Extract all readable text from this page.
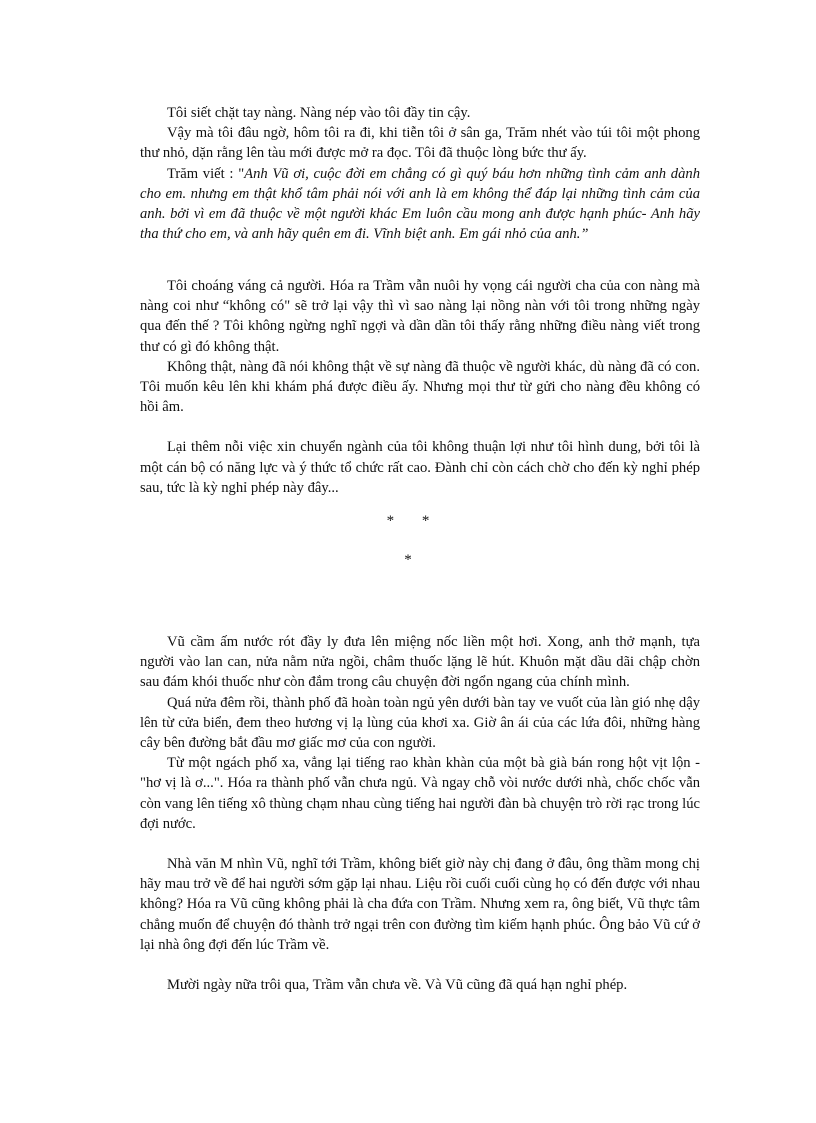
Tôi siết chặt tay nàng. Nàng nép vào tôi đầy tin cậy.

Vậy mà tôi đâu ngờ, hôm tôi ra đi, khi tiễn tôi ở sân ga, Trăm nhét vào túi tôi một phong thư nhỏ, dặn rằng lên tàu mới được mở ra đọc. Tôi đã thuộc lòng bức thư ấy.

Trăm viết : "Anh Vũ ơi, cuộc đời em chẳng có gì quý báu hơn những tình cảm anh dành cho em. nhưng em thật khổ tâm phải nói với anh là em không thể đáp lại những tình cảm của anh. bởi vì em đã thuộc về một người khác Em luôn cầu mong anh được hạnh phúc- Anh hãy tha thứ cho em, và anh hãy quên em đi. Vĩnh biệt anh. Em gái nhỏ của anh.”

Tôi choáng váng cả người. Hóa ra Trầm vẫn nuôi hy vọng cái người cha của con nàng mà nàng coi như “không có" sẽ trở lại vậy thì vì sao nàng lại nồng nàn với tôi trong những ngày qua đến thế ? Tôi không ngừng nghĩ ngợi và dần dần tôi thấy rằng những điều nàng viết trong thư có gì đó không thật.

Không thật, nàng đã nói không thật về sự nàng đã thuộc về người khác, dù nàng đã có con. Tôi muốn kêu lên khi khám phá được điều ấy. Nhưng mọi thư từ gửi cho nàng đều không có hồi âm.

Lại thêm nỗi việc xin chuyển ngành của tôi không thuận lợi như tôi hình dung, bởi tôi là một cán bộ có năng lực và ý thức tổ chức rất cao. Đành chỉ còn cách chờ cho đến kỳ nghỉ phép sau, tức là kỳ nghỉ phép này đây...

* *
*

Vũ cầm ấm nước rót đầy ly đưa lên miệng nốc liền một hơi. Xong, anh thở mạnh, tựa người vào lan can, nửa nằm nửa ngồi, châm thuốc lặng lẽ hút. Khuôn mặt dầu dãi chập chờn sau đám khói thuốc như còn đắm trong câu chuyện đời ngổn ngang của chính mình.

Quá nửa đêm rồi, thành phố đã hoàn toàn ngủ yên dưới bàn tay ve vuốt của làn gió nhẹ dậy lên từ cửa biển, đem theo hương vị lạ lùng của khơi xa. Giờ ân ái của các lứa đôi, những hàng cây bên đường bắt đầu mơ giấc mơ của con người.

Từ một ngách phố xa, vẳng lại tiếng rao khàn khàn của một bà già bán rong hột vịt lộn - "hơ vị là ơ...". Hóa ra thành phố vẫn chưa ngủ. Và ngay chỗ vòi nước dưới nhà, chốc chốc vẫn còn vang lên tiếng xô thùng chạm nhau cùng tiếng hai người đàn bà chuyện trò rời rạc trong lúc đợi nước.

Nhà văn M nhìn Vũ, nghĩ tới Trầm, không biết giờ này chị đang ở đâu, ông thầm mong chị hãy mau trở về để hai người sớm gặp lại nhau. Liệu rồi cuối cuối cùng họ có đến được với nhau không? Hóa ra Vũ cũng không phải là cha đứa con Trầm. Nhưng xem ra, ông biết, Vũ thực tâm chẳng muốn để chuyện đó thành trở ngại trên con đường tìm kiếm hạnh phúc. Ông bảo Vũ cứ ở lại nhà ông đợi đến lúc Trầm về.

Mười ngày nữa trôi qua, Trầm vẫn chưa về. Và Vũ cũng đã quá hạn nghỉ phép.
